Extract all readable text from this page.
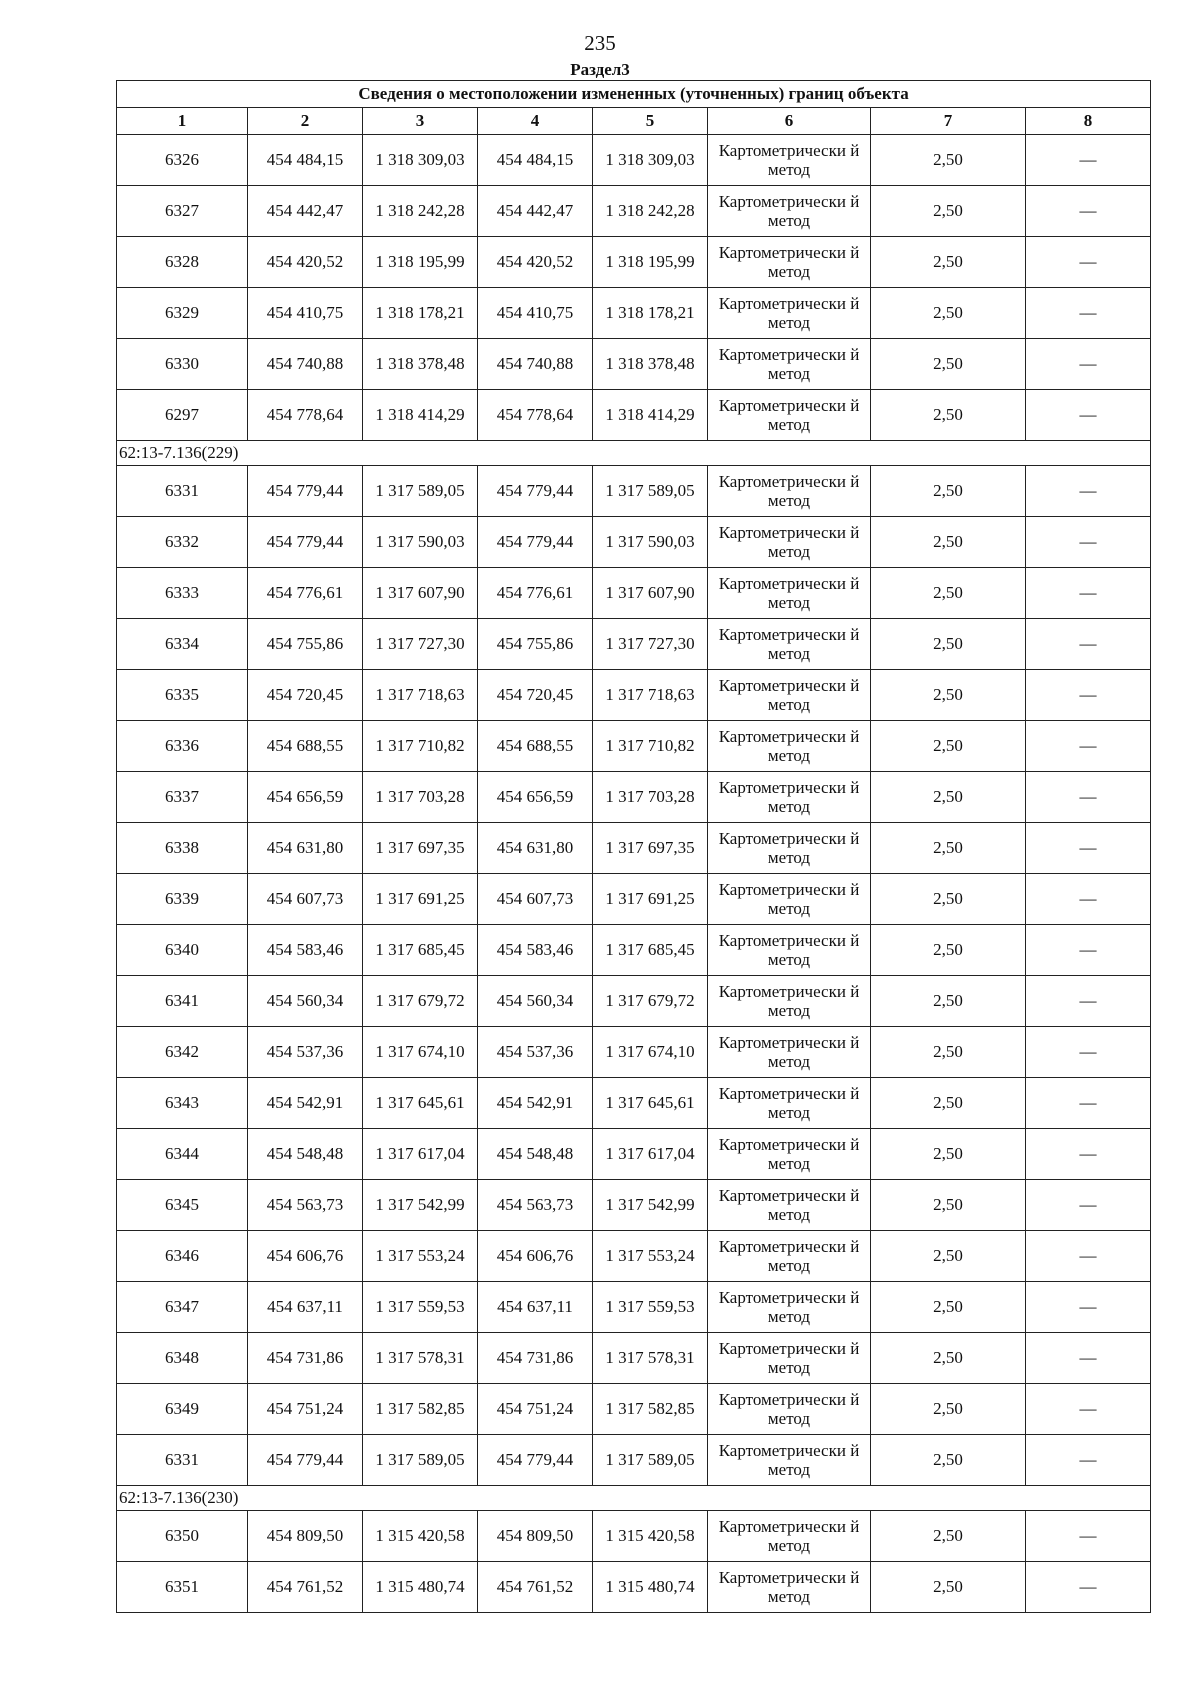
235
Раздел3
Сведения о местоположении измененных (уточненных) границ объекта							
1	2	3	4	5	6	7	8
6326	454 484,15	1 318 309,03	454 484,15	1 318 309,03	Картометрически й метод	2,50	—
6327	454 442,47	1 318 242,28	454 442,47	1 318 242,28	Картометрически й метод	2,50	—
6328	454 420,52	1 318 195,99	454 420,52	1 318 195,99	Картометрически й метод	2,50	—
6329	454 410,75	1 318 178,21	454 410,75	1 318 178,21	Картометрически й метод	2,50	—
6330	454 740,88	1 318 378,48	454 740,88	1 318 378,48	Картометрически й метод	2,50	—
6297	454 778,64	1 318 414,29	454 778,64	1 318 414,29	Картометрически й метод	2,50	—
62:13-7.136(229)							
6331	454 779,44	1 317 589,05	454 779,44	1 317 589,05	Картометрически й метод	2,50	—
6332	454 779,44	1 317 590,03	454 779,44	1 317 590,03	Картометрически й метод	2,50	—
6333	454 776,61	1 317 607,90	454 776,61	1 317 607,90	Картометрически й метод	2,50	—
6334	454 755,86	1 317 727,30	454 755,86	1 317 727,30	Картометрически й метод	2,50	—
6335	454 720,45	1 317 718,63	454 720,45	1 317 718,63	Картометрически й метод	2,50	—
6336	454 688,55	1 317 710,82	454 688,55	1 317 710,82	Картометрически й метод	2,50	—
6337	454 656,59	1 317 703,28	454 656,59	1 317 703,28	Картометрически й метод	2,50	—
6338	454 631,80	1 317 697,35	454 631,80	1 317 697,35	Картометрически й метод	2,50	—
6339	454 607,73	1 317 691,25	454 607,73	1 317 691,25	Картометрически й метод	2,50	—
6340	454 583,46	1 317 685,45	454 583,46	1 317 685,45	Картометрически й метод	2,50	—
6341	454 560,34	1 317 679,72	454 560,34	1 317 679,72	Картометрически й метод	2,50	—
6342	454 537,36	1 317 674,10	454 537,36	1 317 674,10	Картометрически й метод	2,50	—
6343	454 542,91	1 317 645,61	454 542,91	1 317 645,61	Картометрически й метод	2,50	—
6344	454 548,48	1 317 617,04	454 548,48	1 317 617,04	Картометрически й метод	2,50	—
6345	454 563,73	1 317 542,99	454 563,73	1 317 542,99	Картометрически й метод	2,50	—
6346	454 606,76	1 317 553,24	454 606,76	1 317 553,24	Картометрически й метод	2,50	—
6347	454 637,11	1 317 559,53	454 637,11	1 317 559,53	Картометрически й метод	2,50	—
6348	454 731,86	1 317 578,31	454 731,86	1 317 578,31	Картометрически й метод	2,50	—
6349	454 751,24	1 317 582,85	454 751,24	1 317 582,85	Картометрически й метод	2,50	—
6331	454 779,44	1 317 589,05	454 779,44	1 317 589,05	Картометрически й метод	2,50	—
62:13-7.136(230)							
6350	454 809,50	1 315 420,58	454 809,50	1 315 420,58	Картометрически й метод	2,50	—
6351	454 761,52	1 315 480,74	454 761,52	1 315 480,74	Картометрически й метод	2,50	—
